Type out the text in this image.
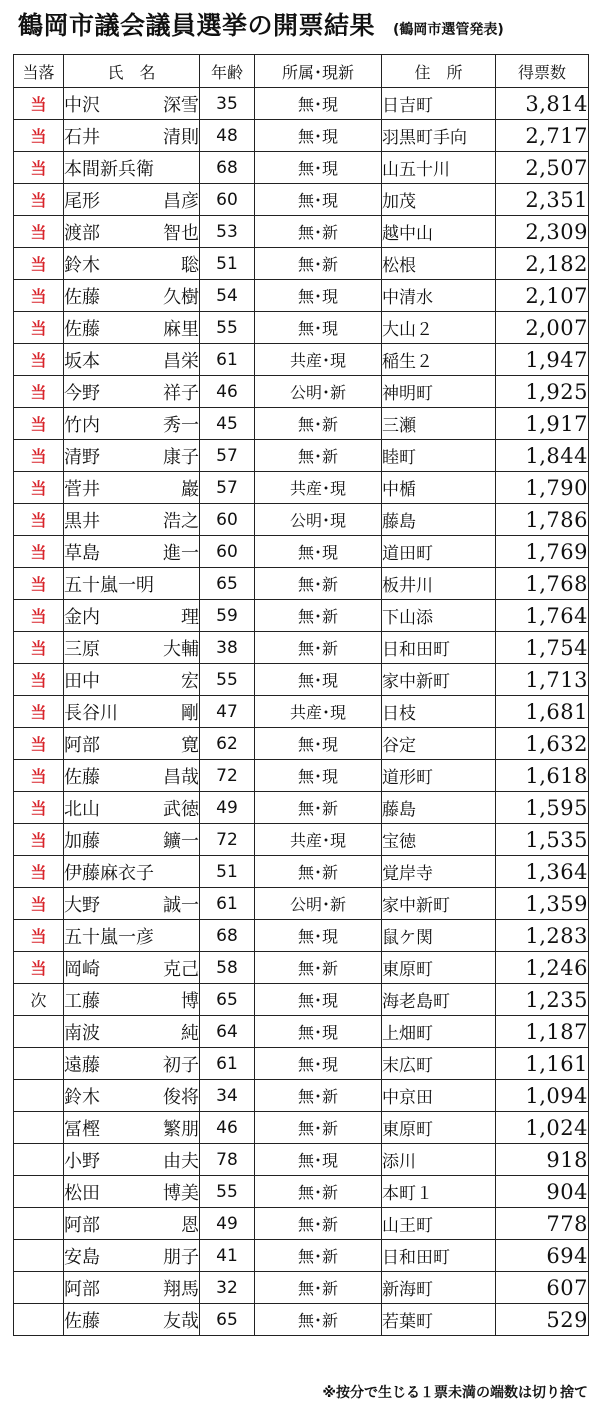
鶴岡市議会議員選挙の開票結果 (鶴岡市選管発表)
当落	氏　名	年齢	所属･現新	住　所	得票数
当	中沢 深雪	35	無･現	日吉町	3,814
当	石井 清則	48	無･現	羽黒町手向	2,717
当	本間新兵衛	68	無･現	山五十川	2,507
当	尾形 昌彦	60	無･現	加茂	2,351
当	渡部 智也	53	無･新	越中山	2,309
当	鈴木 聡	51	無･新	松根	2,182
当	佐藤 久樹	54	無･現	中清水	2,107
当	佐藤 麻里	55	無･現	大山２	2,007
当	坂本 昌栄	61	共産･現	稲生２	1,947
当	今野 祥子	46	公明･新	神明町	1,925
当	竹内 秀一	45	無･新	三瀬	1,917
当	清野 康子	57	無･新	睦町	1,844
当	菅井 巖	57	共産･現	中楯	1,790
当	黒井 浩之	60	公明･現	藤島	1,786
当	草島 進一	60	無･現	道田町	1,769
当	五十嵐一明	65	無･新	板井川	1,768
当	金内 理	59	無･新	下山添	1,764
当	三原 大輔	38	無･新	日和田町	1,754
当	田中 宏	55	無･現	家中新町	1,713
当	長谷川 剛	47	共産･現	日枝	1,681
当	阿部 寛	62	無･現	谷定	1,632
当	佐藤 昌哉	72	無･現	道形町	1,618
当	北山 武徳	49	無･新	藤島	1,595
当	加藤 鑛一	72	共産･現	宝徳	1,535
当	伊藤麻衣子	51	無･新	覚岸寺	1,364
当	大野 誠一	61	公明･新	家中新町	1,359
当	五十嵐一彦	68	無･現	鼠ケ関	1,283
当	岡崎 克己	58	無･新	東原町	1,246
次	工藤 博	65	無･現	海老島町	1,235

	南波 純	64	無･現	上畑町	1,187

	遠藤 初子	61	無･現	末広町	1,161

	鈴木 俊将	34	無･新	中京田	1,094

	冨樫 繁朋	46	無･新	東原町	1,024

	小野 由夫	78	無･現	添川	918

	松田 博美	55	無･新	本町１	904

	阿部 恩	49	無･新	山王町	778

	安島 朋子	41	無･新	日和田町	694

	阿部 翔馬	32	無･新	新海町	607

	佐藤 友哉	65	無･新	若葉町	529
※按分で生じる１票未満の端数は切り捨て
